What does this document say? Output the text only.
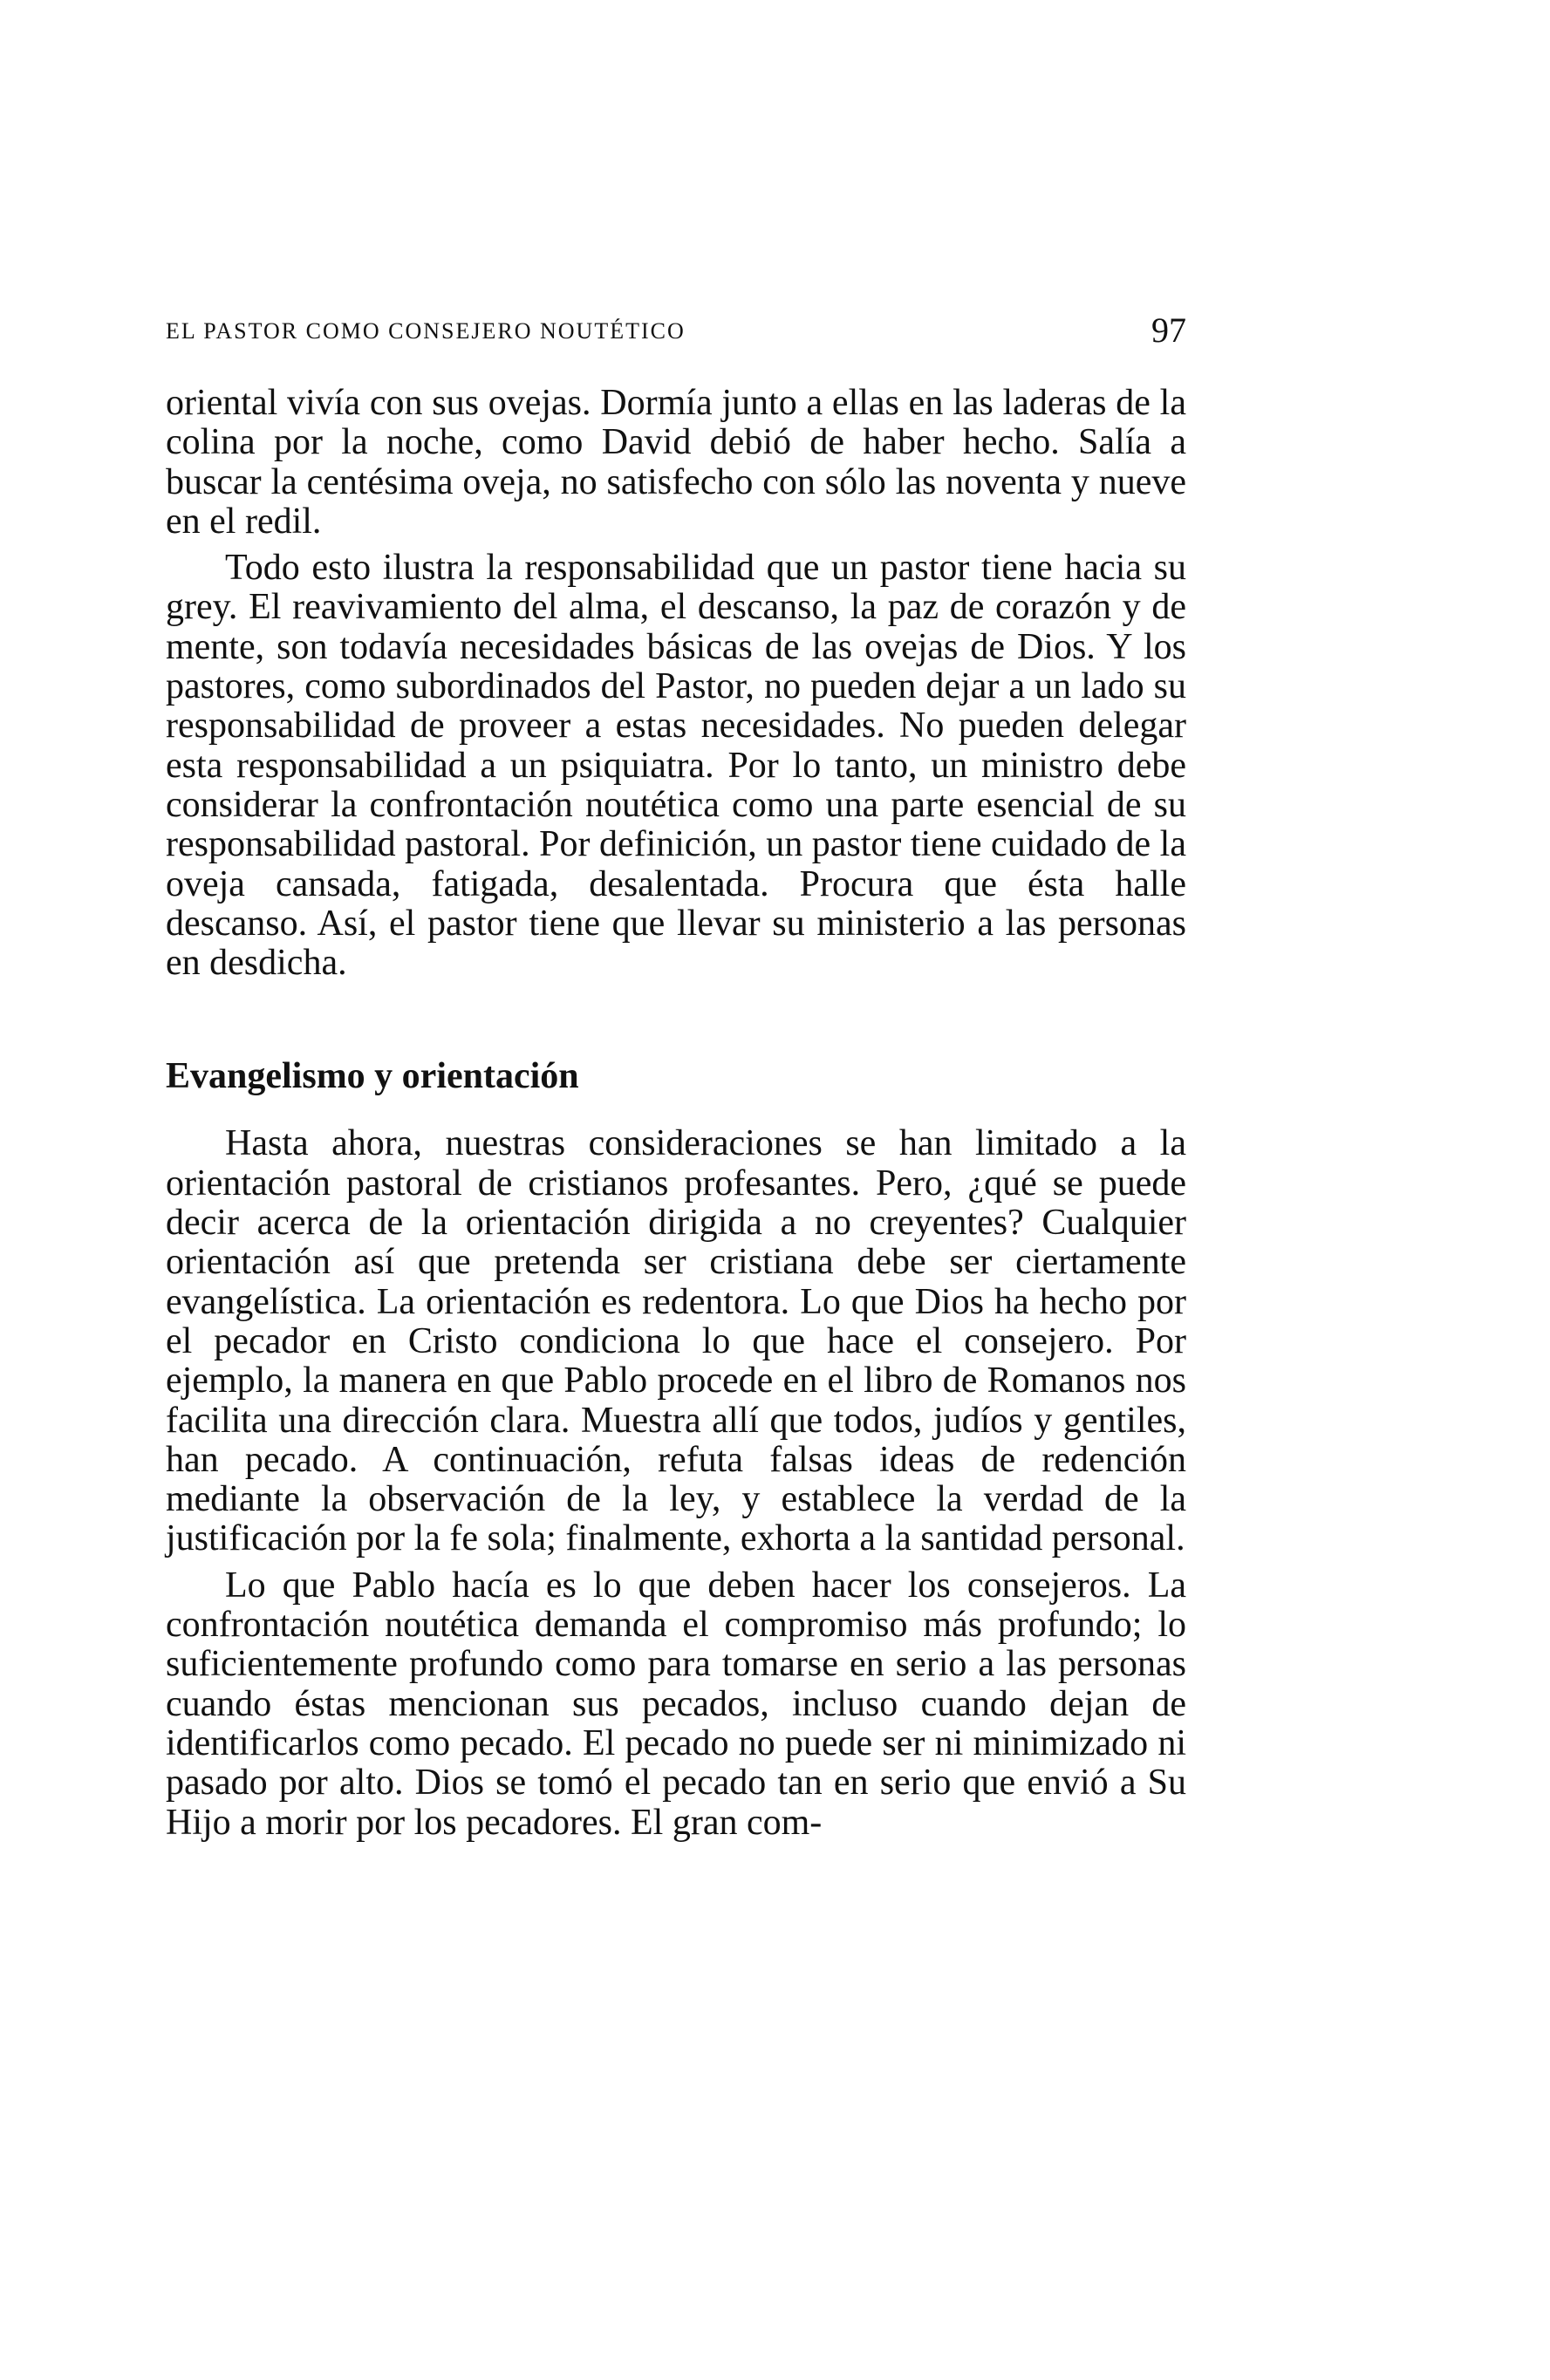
EL PASTOR COMO CONSEJERO NOUTÉTICO	97

oriental vivía con sus ovejas. Dormía junto a ellas en las laderas de la colina por la noche, como David debió de haber hecho. Salía a buscar la centésima oveja, no satisfecho con sólo las noventa y nueve en el redil.

Todo esto ilustra la responsabilidad que un pastor tiene hacia su grey. El reavivamiento del alma, el descanso, la paz de corazón y de mente, son todavía necesidades básicas de las ovejas de Dios. Y los pastores, como subordinados del Pastor, no pueden dejar a un lado su responsabilidad de proveer a estas necesidades. No pueden delegar esta responsabilidad a un psiquiatra. Por lo tanto, un ministro debe considerar la confrontación noutética como una parte esencial de su responsabilidad pastoral. Por definición, un pastor tiene cuidado de la oveja cansada, fatigada, desalentada. Procura que ésta halle descanso. Así, el pastor tiene que llevar su ministerio a las personas en desdicha.

Evangelismo y orientación

Hasta ahora, nuestras consideraciones se han limitado a la orientación pastoral de cristianos profesantes. Pero, ¿qué se puede decir acerca de la orientación dirigida a no creyentes? Cualquier orientación así que pretenda ser cristiana debe ser ciertamente evangelística. La orientación es redentora. Lo que Dios ha hecho por el pecador en Cristo condiciona lo que hace el consejero. Por ejemplo, la manera en que Pablo procede en el libro de Romanos nos facilita una dirección clara. Muestra allí que todos, judíos y gentiles, han pecado. A continuación, refuta falsas ideas de redención mediante la observación de la ley, y establece la verdad de la justificación por la fe sola; finalmente, exhorta a la santidad personal.

Lo que Pablo hacía es lo que deben hacer los consejeros. La confrontación noutética demanda el compromiso más profundo; lo suficientemente profundo como para tomarse en serio a las personas cuando éstas mencionan sus pecados, incluso cuando dejan de identificarlos como pecado. El pecado no puede ser ni minimizado ni pasado por alto. Dios se tomó el pecado tan en serio que envió a Su Hijo a morir por los pecadores. El gran com-
